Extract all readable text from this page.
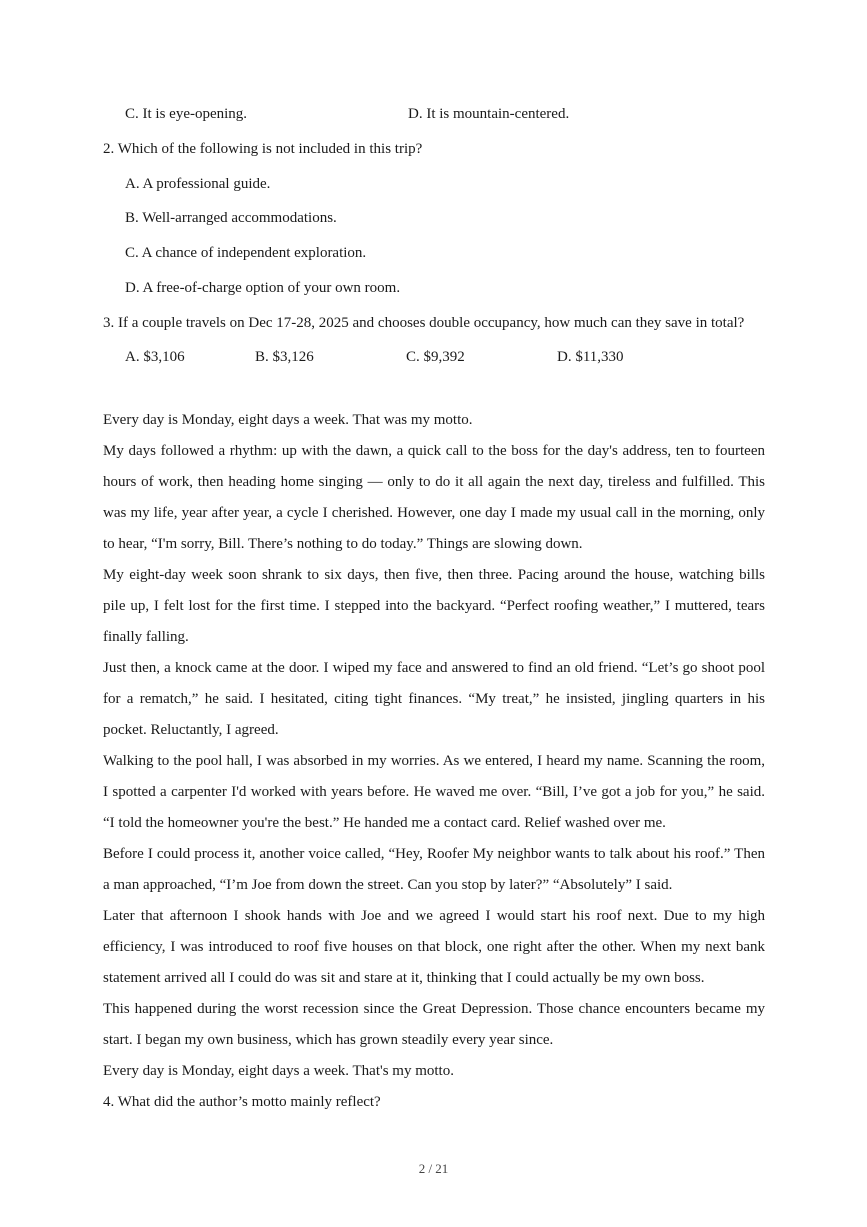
C. It is eye-opening.	D. It is mountain-centered.
2. Which of the following is not included in this trip?
A. A professional guide.
B. Well-arranged accommodations.
C. A chance of independent exploration.
D. A free-of-charge option of your own room.
3. If a couple travels on Dec 17-28, 2025 and chooses double occupancy, how much can they save in total?
A. $3,106	B. $3,126	C. $9,392	D. $11,330
Every day is Monday, eight days a week. That was my motto.
My days followed a rhythm: up with the dawn, a quick call to the boss for the day's address, ten to fourteen
hours of work, then heading home singing — only to do it all again the next day, tireless and fulfilled. This
was my life, year after year, a cycle I cherished. However, one day I made my usual call in the morning, only
to hear, “I'm sorry, Bill. There’s nothing to do today.” Things are slowing down.
My eight-day week soon shrank to six days, then five, then three. Pacing around the house, watching bills
pile up, I felt lost for the first time. I stepped into the backyard. “Perfect roofing weather,” I muttered, tears
finally falling.
Just then, a knock came at the door. I wiped my face and answered to find an old friend. “Let’s go shoot pool
for a rematch,” he said. I hesitated, citing tight finances. “My treat,” he insisted, jingling quarters in his
pocket. Reluctantly, I agreed.
Walking to the pool hall, I was absorbed in my worries. As we entered, I heard my name. Scanning the room,
I spotted a carpenter I'd worked with years before. He waved me over. “Bill, I’ve got a job for you,” he said.
“I told the homeowner you're the best.” He handed me a contact card. Relief washed over me.
Before I could process it, another voice called, “Hey, Roofer My neighbor wants to talk about his roof.” Then
a man approached, “I’m Joe from down the street. Can you stop by later?” “Absolutely” I said.
Later that afternoon I shook hands with Joe and we agreed I would start his roof next. Due to my high
efficiency, I was introduced to roof five houses on that block, one right after the other. When my next bank
statement arrived all I could do was sit and stare at it, thinking that I could actually be my own boss.
This happened during the worst recession since the Great Depression. Those chance encounters became my
start. I began my own business, which has grown steadily every year since.
Every day is Monday, eight days a week. That's my motto.
4. What did the author’s motto mainly reflect?
2 / 21
